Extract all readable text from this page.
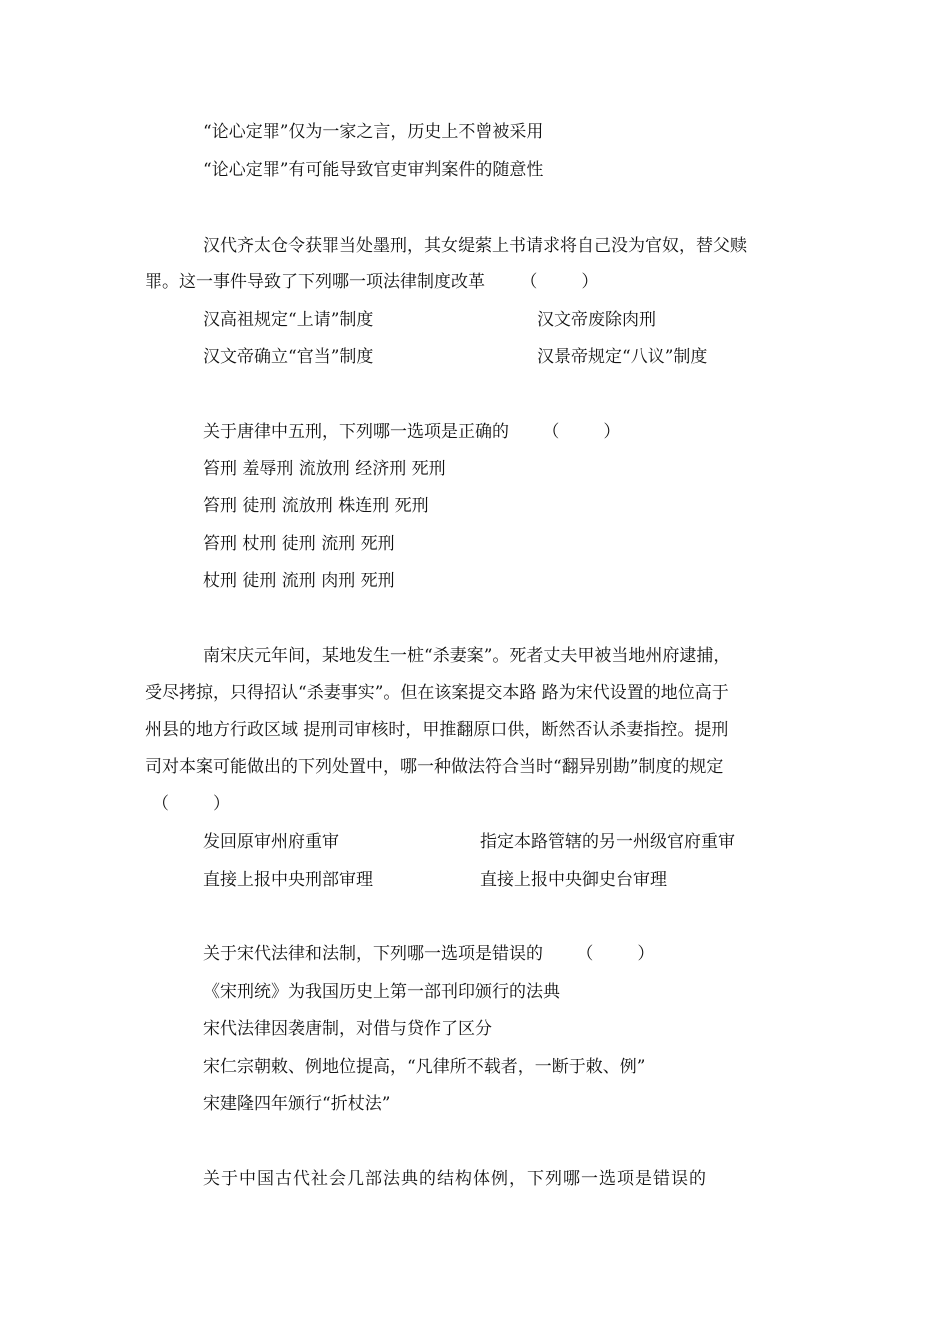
“论心定罪”仅为一家之言，历史上不曾被采用
“论心定罪”有可能导致官吏审判案件的随意性
汉代齐太仓令获罪当处墨刑，其女缇萦上书请求将自己没为官奴，替父赎
罪。这一事件导致了下列哪一项法律制度改革 （	）
汉高祖规定“上请”制度	汉文帝废除肉刑
汉文帝确立“官当”制度	汉景帝规定“八议”制度
关于唐律中五刑，下列哪一选项是正确的 （	）
笞刑 羞辱刑 流放刑 经济刑 死刑
笞刑 徒刑 流放刑 株连刑 死刑
笞刑 杖刑 徒刑 流刑 死刑
杖刑 徒刑 流刑 肉刑 死刑
南宋庆元年间，某地发生一桩“杀妻案”。死者丈夫甲被当地州府逮捕，
受尽拷掠，只得招认“杀妻事实”。但在该案提交本路 路为宋代设置的地位高于
州县的地方行政区域 提刑司审核时，甲推翻原口供，断然否认杀妻指控。提刑
司对本案可能做出的下列处置中，哪一种做法符合当时“翻异别勘”制度的规定
（	）
发回原审州府重审	指定本路管辖的另一州级官府重审
直接上报中央刑部审理	直接上报中央御史台审理
关于宋代法律和法制，下列哪一选项是错误的 （	）
《宋刑统》为我国历史上第一部刊印颁行的法典
宋代法律因袭唐制，对借与贷作了区分
宋仁宗朝敕、例地位提高，“凡律所不载者，一断于敕、例”
宋建隆四年颁行“折杖法”
关于中国古代社会几部法典的结构体例，下列哪一选项是错误的
